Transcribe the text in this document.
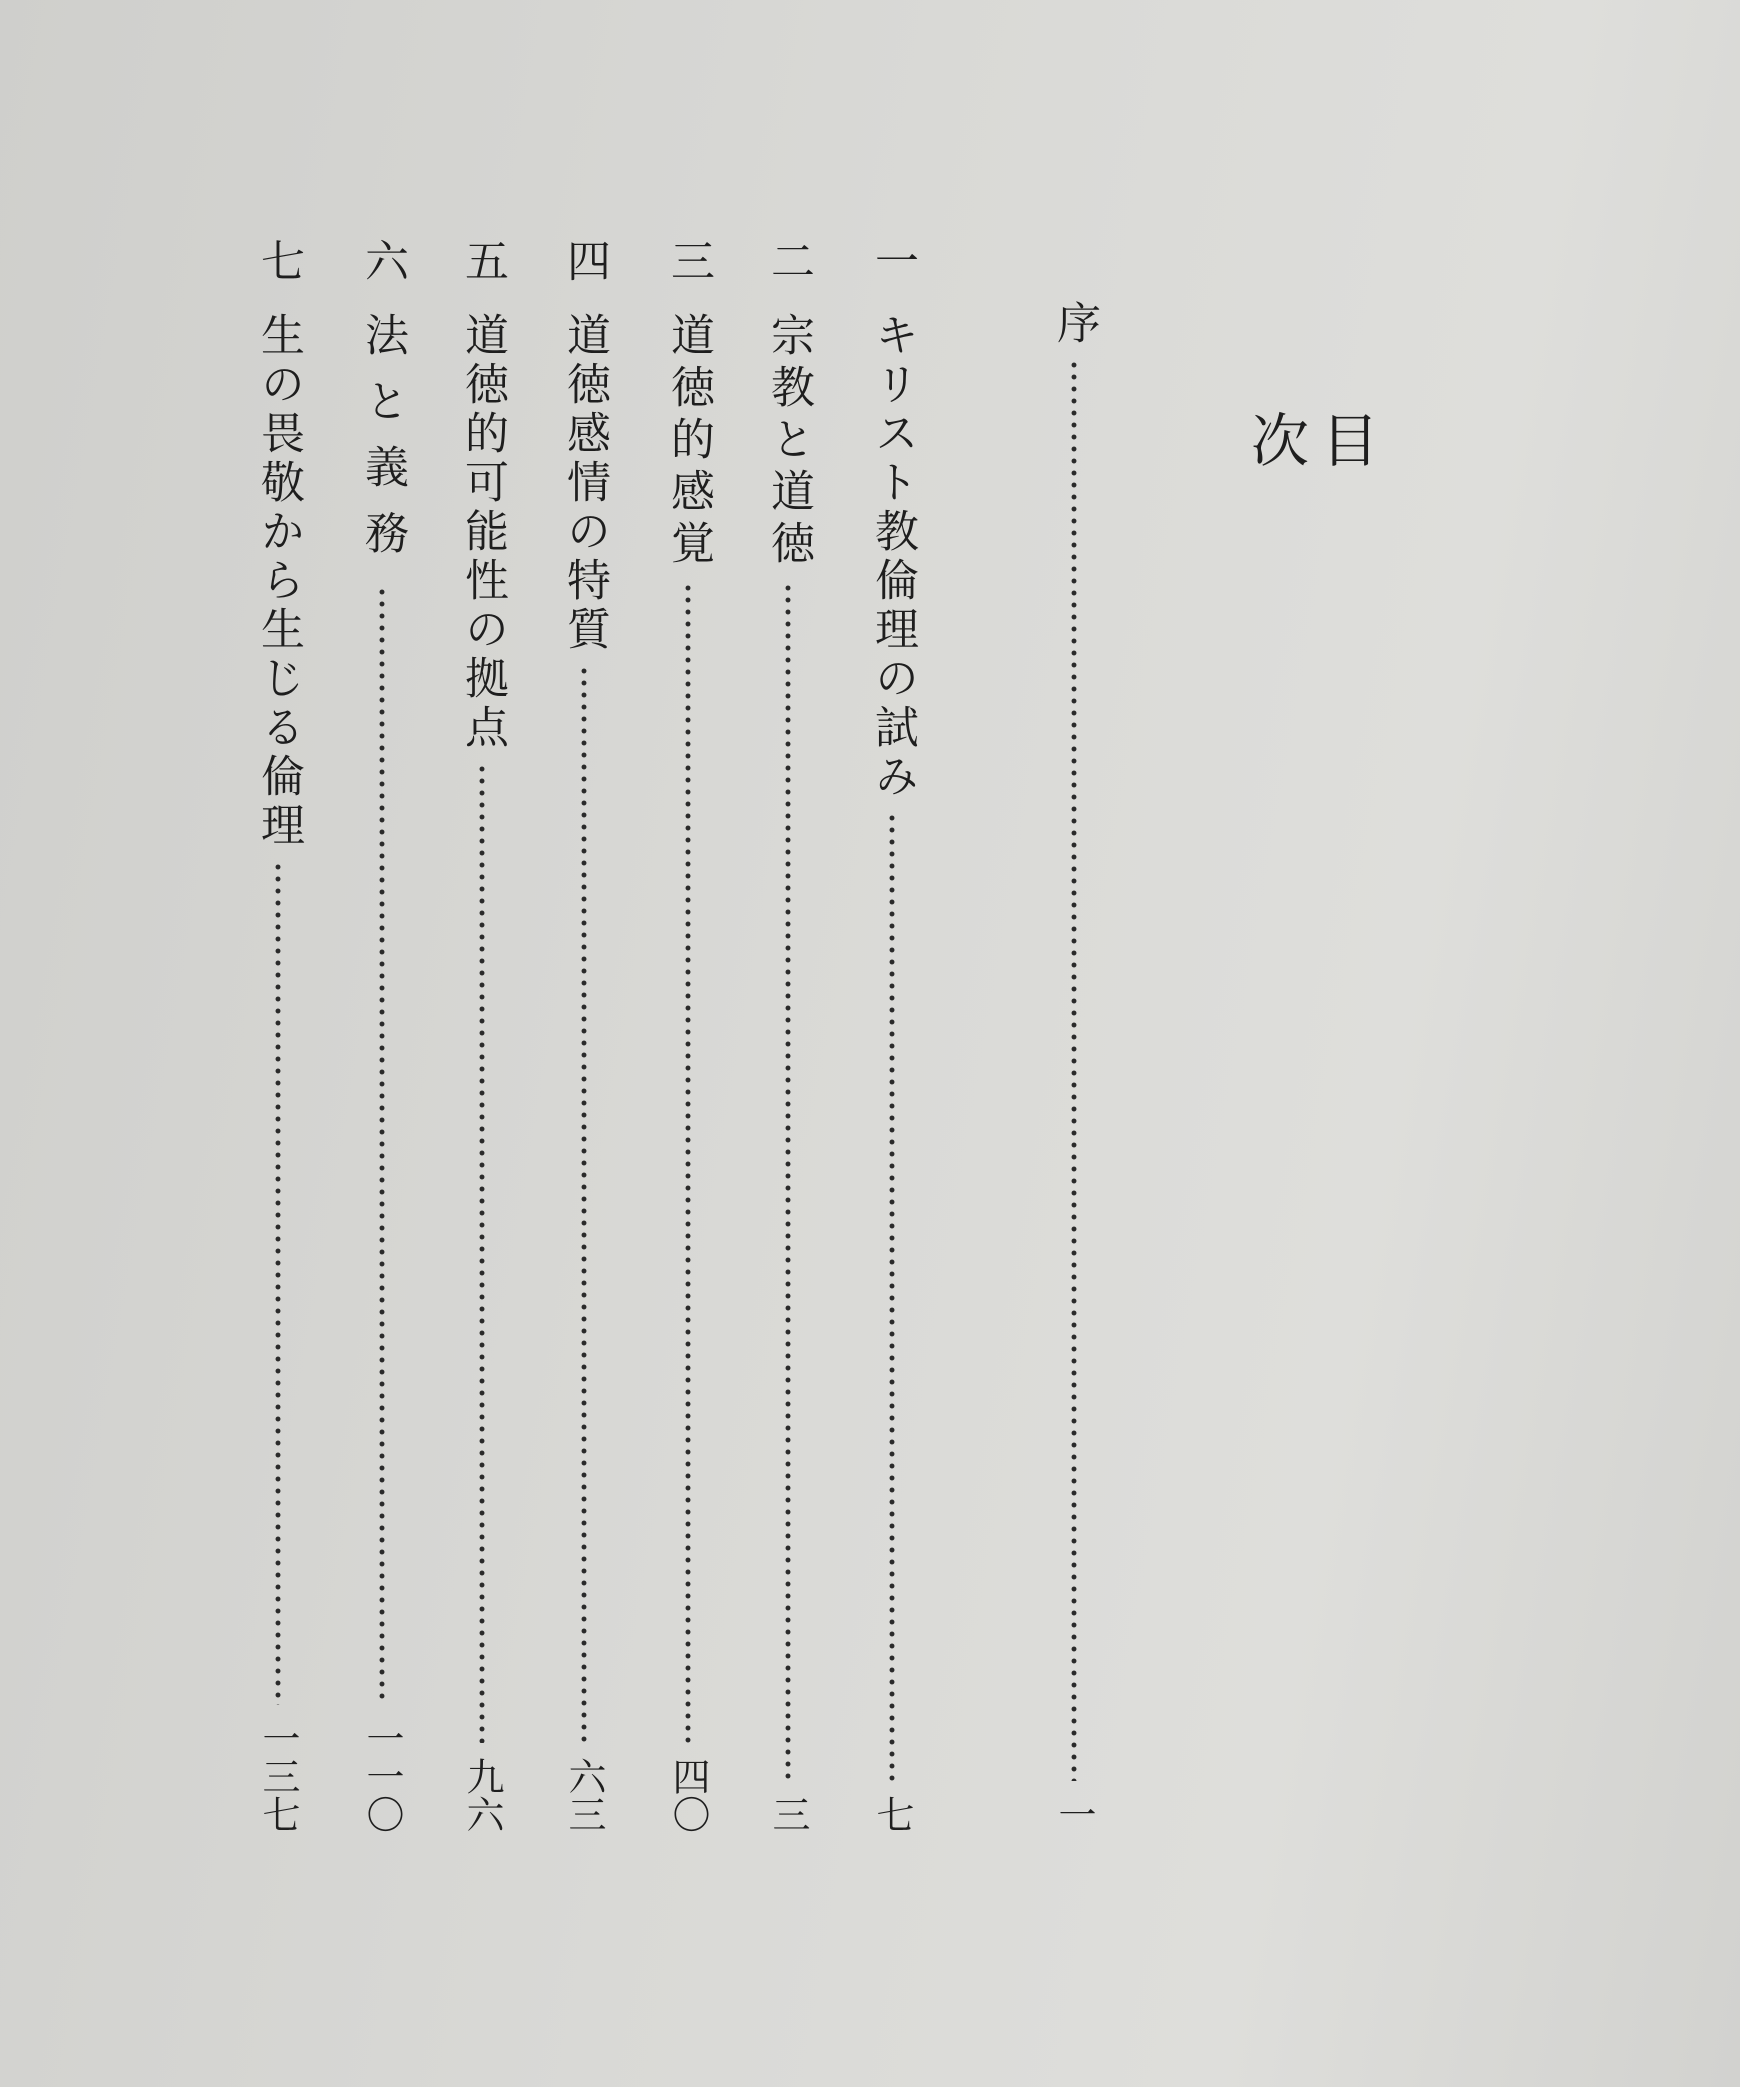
目次
序
一
一
キリスト教倫理の試み
七
二
宗教と道徳
三
三
道徳的感覚
四〇
四
道徳感情の特質
六三
五
道徳的可能性の拠点
九六
六
法と義務
一一〇
七
生の畏敬から生じる倫理
一三七
